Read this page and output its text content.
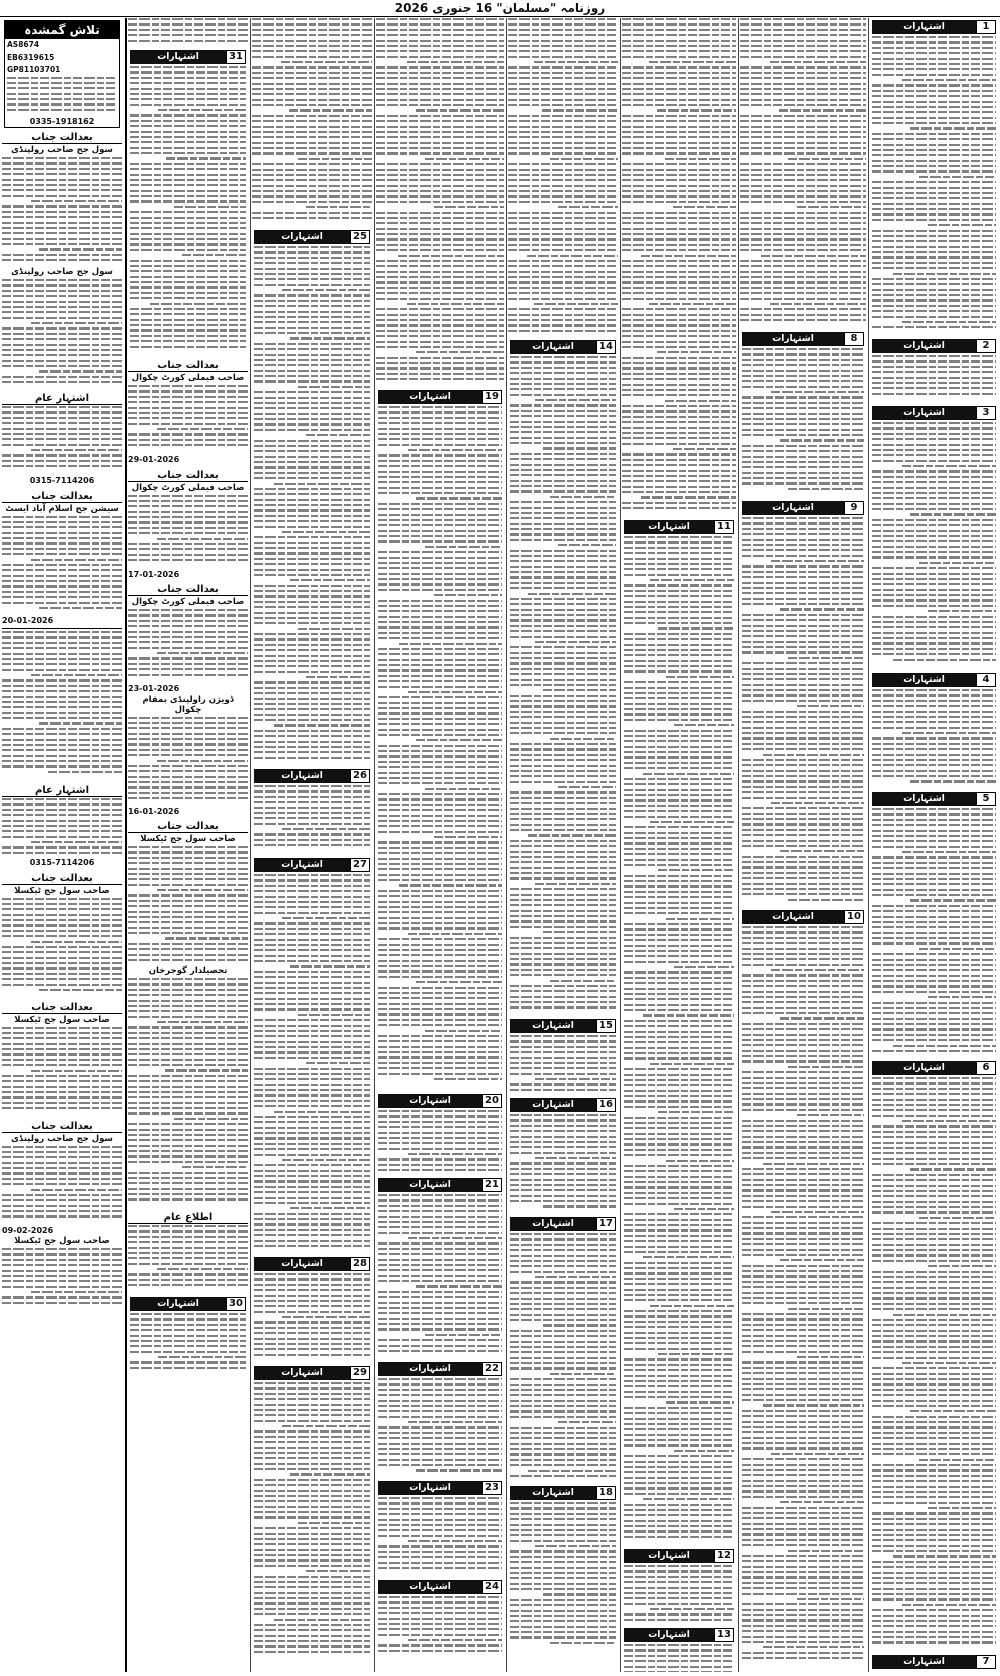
روزنامہ "مسلمان" 16 جنوری 2026
1
اشتہارات
2
اشتہارات
3
اشتہارات
4
اشتہارات
5
اشتہارات
6
اشتہارات
7
اشتہارات
8
اشتہارات
9
اشتہارات
10
اشتہارات
11
اشتہارات
12
اشتہارات
13
اشتہارات
14
اشتہارات
15
اشتہارات
16
اشتہارات
17
اشتہارات
18
اشتہارات
19
اشتہارات
20
اشتہارات
21
اشتہارات
22
اشتہارات
23
اشتہارات
24
اشتہارات
25
اشتہارات
26
اشتہارات
27
اشتہارات
28
اشتہارات
29
اشتہارات
31
اشتہارات
بعدالت جناب
صاحب فیملی کورٹ چکوال
29-01-2026
بعدالت جناب
صاحب فیملی کورٹ چکوال
17-01-2026
بعدالت جناب
صاحب فیملی کورٹ چکوال
23-01-2026
ڈویژن راولپنڈی بمقام چکوال
16-01-2026
بعدالت جناب
صاحب سول جج ٹیکسلا
تحصیلدار گوجرخان
اطلاع عام
30
اشتہارات
تلاش گمشدہ
AS8674
EB6319615
GP81103701
0335-1918162
بعدالت جناب
سول جج صاحب رولپنڈی
سول جج صاحب رولپنڈی
اشتہار عام
0315-7114206
بعدالت جناب
سیشن جج اسلام آباد ایسٹ
20-01-2026
اشتہار عام
0315-7114206
بعدالت جناب
صاحب سول جج ٹیکسلا
بعدالت جناب
صاحب سول جج ٹیکسلا
بعدالت جناب
سول جج صاحب رولپنڈی
09-02-2026
صاحب سول جج ٹیکسلا
